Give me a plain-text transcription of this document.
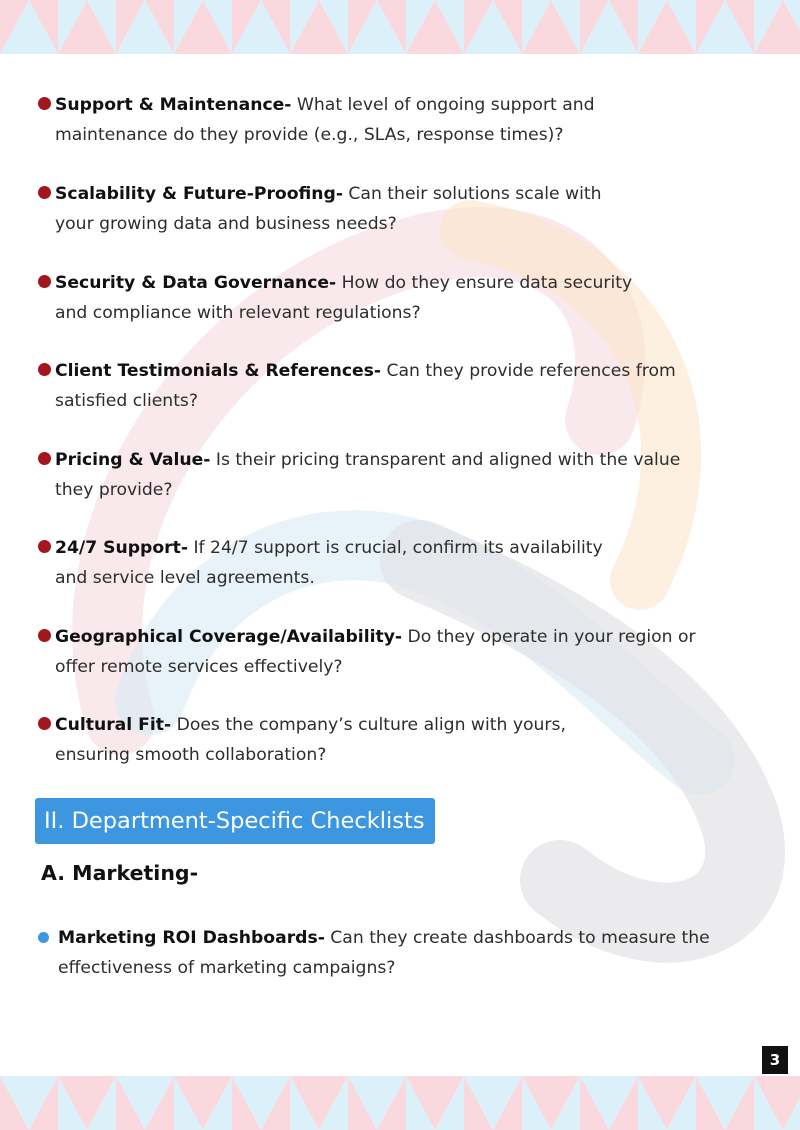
Support & Maintenance- What level of ongoing support and
maintenance do they provide (e.g., SLAs, response times)?
Scalability & Future-Proofing- Can their solutions scale with
your growing data and business needs?
Security & Data Governance- How do they ensure data security
and compliance with relevant regulations?
Client Testimonials & References- Can they provide references from
satisfied clients?
Pricing & Value- Is their pricing transparent and aligned with the value
they provide?
24/7 Support- If 24/7 support is crucial, confirm its availability
and service level agreements.
Geographical Coverage/Availability- Do they operate in your region or
offer remote services effectively?
Cultural Fit- Does the company’s culture align with yours,
ensuring smooth collaboration?
II. Department-Specific Checklists
A. Marketing-
Marketing ROI Dashboards- Can they create dashboards to measure the
effectiveness of marketing campaigns?
3
